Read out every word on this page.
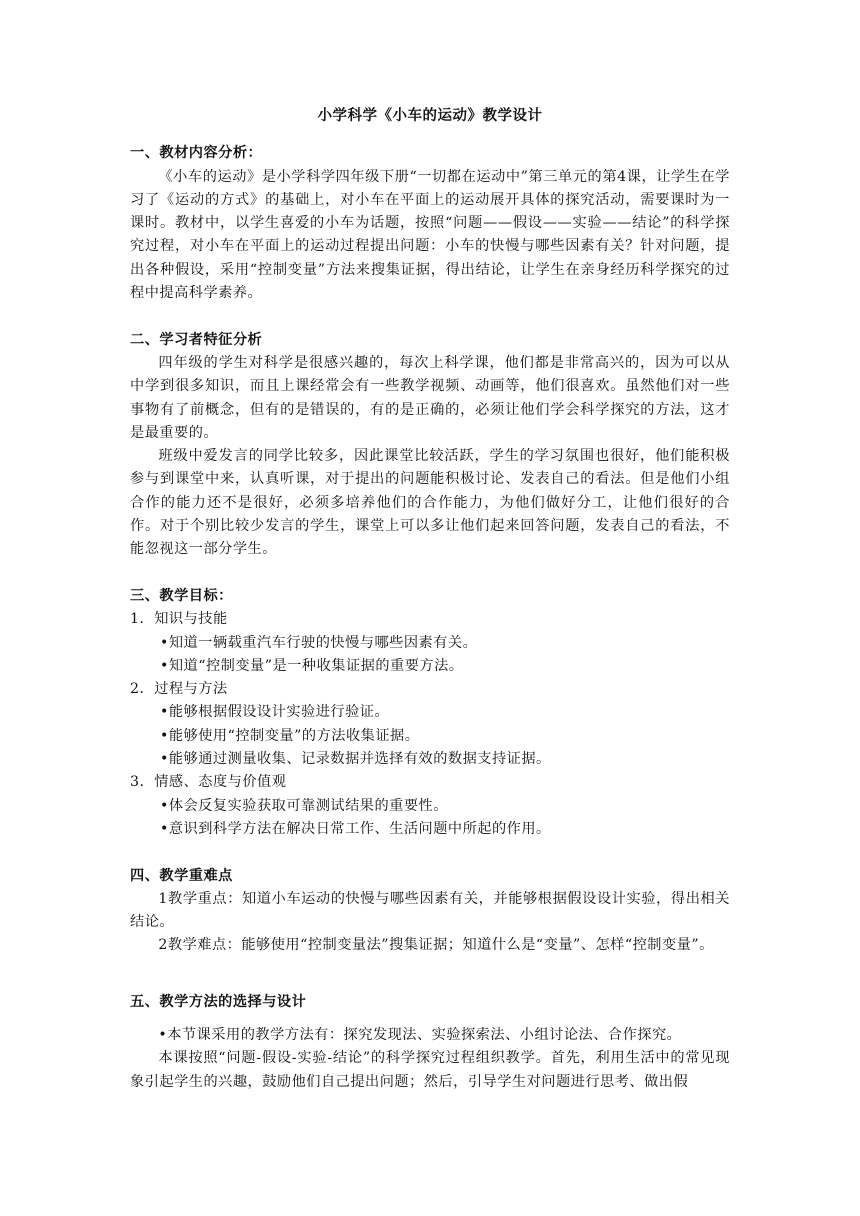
小学科学《小车的运动》教学设计

一、教材内容分析：

《小车的运动》是小学科学四年级下册“一切都在运动中”第三单元的第4课，让学生在学习了《运动的方式》的基础上，对小车在平面上的运动展开具体的探究活动，需要课时为一课时。教材中，以学生喜爱的小车为话题，按照“问题——假设——实验——结论”的科学探究过程，对小车在平面上的运动过程提出问题：小车的快慢与哪些因素有关？针对问题，提出各种假设，采用“控制变量”方法来搜集证据，得出结论，让学生在亲身经历科学探究的过程中提高科学素养。

二、学习者特征分析

四年级的学生对科学是很感兴趣的，每次上科学课，他们都是非常高兴的，因为可以从中学到很多知识，而且上课经常会有一些教学视频、动画等，他们很喜欢。虽然他们对一些事物有了前概念，但有的是错误的，有的是正确的，必须让他们学会科学探究的方法，这才是最重要的。

班级中爱发言的同学比较多，因此课堂比较活跃，学生的学习氛围也很好，他们能积极参与到课堂中来，认真听课，对于提出的问题能积极讨论、发表自己的看法。但是他们小组合作的能力还不是很好，必须多培养他们的合作能力，为他们做好分工，让他们很好的合作。对于个别比较少发言的学生，课堂上可以多让他们起来回答问题，发表自己的看法，不能忽视这一部分学生。

三、教学目标：

1．知识与技能

•知道一辆载重汽车行驶的快慢与哪些因素有关。

•知道“控制变量”是一种收集证据的重要方法。

2．过程与方法

•能够根据假设设计实验进行验证。

•能够使用“控制变量”的方法收集证据。

•能够通过测量收集、记录数据并选择有效的数据支持证据。

3．情感、态度与价值观

•体会反复实验获取可靠测试结果的重要性。

•意识到科学方法在解决日常工作、生活问题中所起的作用。

四、教学重难点

1教学重点：知道小车运动的快慢与哪些因素有关，并能够根据假设设计实验，得出相关结论。

2教学难点：能够使用“控制变量法”搜集证据；知道什么是“变量”、怎样“控制变量”。

五、教学方法的选择与设计

•本节课采用的教学方法有：探究发现法、实验探索法、小组讨论法、合作探究。

本课按照“问题-假设-实验-结论”的科学探究过程组织教学。首先，利用生活中的常见现象引起学生的兴趣，鼓励他们自己提出问题；然后，引导学生对问题进行思考、做出假
